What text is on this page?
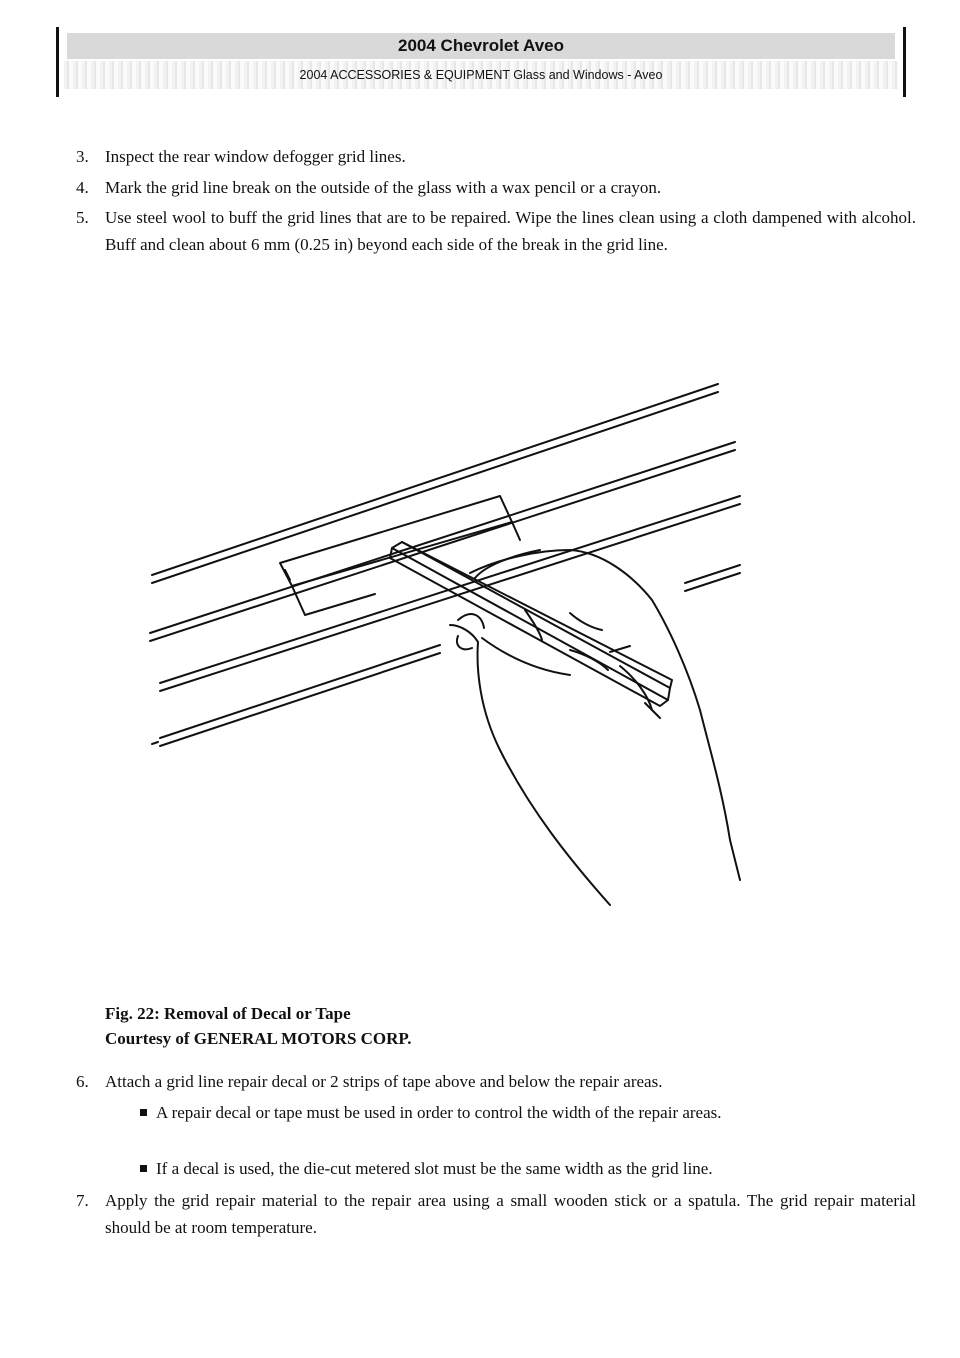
2004 Chevrolet Aveo
2004 ACCESSORIES & EQUIPMENT Glass and Windows - Aveo
3. Inspect the rear window defogger grid lines.
4. Mark the grid line break on the outside of the glass with a wax pencil or a crayon.
5. Use steel wool to buff the grid lines that are to be repaired. Wipe the lines clean using a cloth dampened with alcohol. Buff and clean about 6 mm (0.25 in) beyond each side of the break in the grid line.
Fig. 22: Removal of Decal or Tape
Courtesy of GENERAL MOTORS CORP.
6. Attach a grid line repair decal or 2 strips of tape above and below the repair areas.
A repair decal or tape must be used in order to control the width of the repair areas.
If a decal is used, the die-cut metered slot must be the same width as the grid line.
7. Apply the grid repair material to the repair area using a small wooden stick or a spatula. The grid repair material should be at room temperature.
